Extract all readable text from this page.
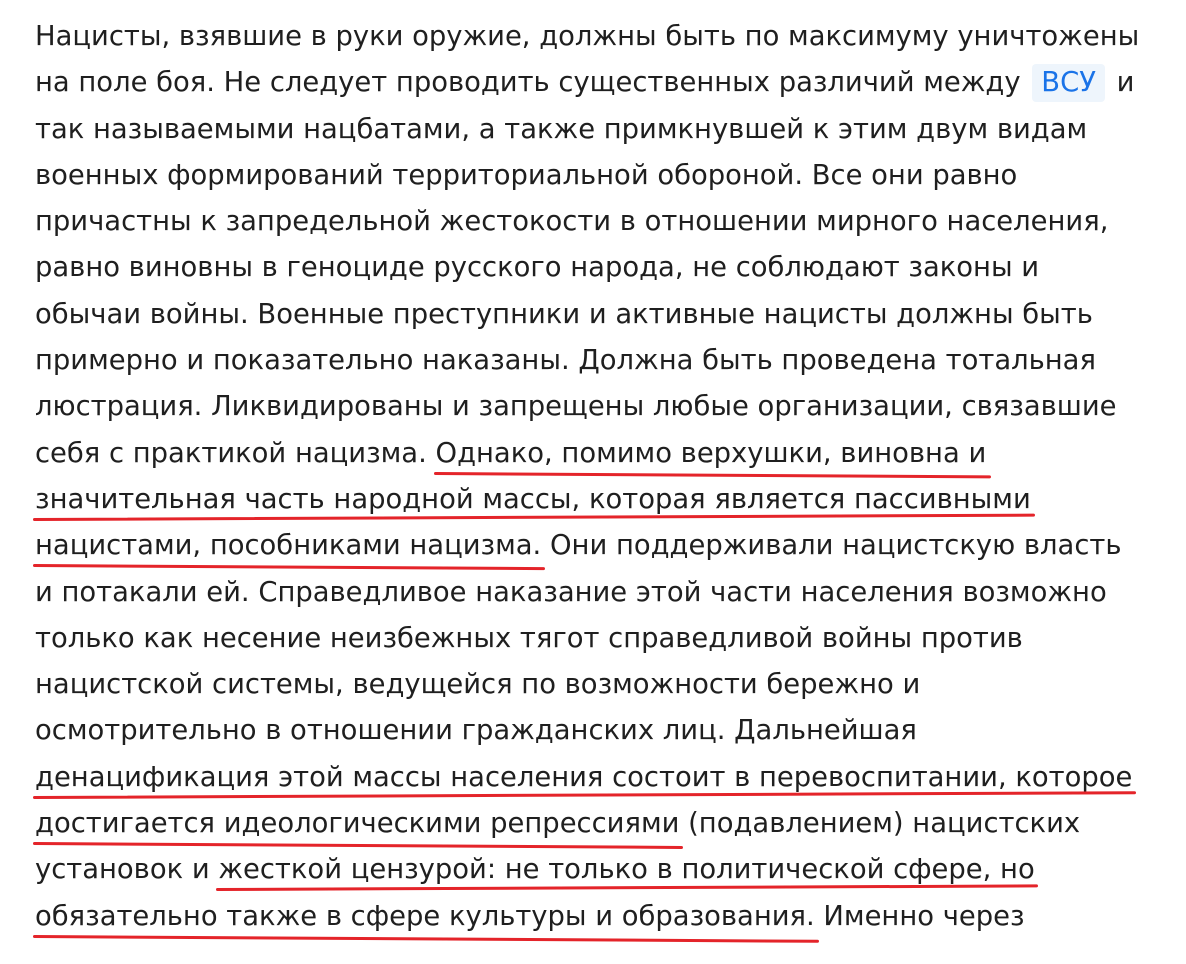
Нацисты, взявшие в руки оружие, должны быть по максимуму уничтожены
на поле боя. Не следует проводить существенных различий между ВСУ и
так называемыми нацбатами, а также примкнувшей к этим двум видам
военных формирований территориальной обороной. Все они равно
причастны к запредельной жестокости в отношении мирного населения,
равно виновны в геноциде русского народа, не соблюдают законы и
обычаи войны. Военные преступники и активные нацисты должны быть
примерно и показательно наказаны. Должна быть проведена тотальная
люстрация. Ликвидированы и запрещены любые организации, связавшие
себя с практикой нацизма. Однако, помимо верхушки, виновна и
значительная часть народной массы, которая является пассивными
нацистами, пособниками нацизма. Они поддерживали нацистскую власть
и потакали ей. Справедливое наказание этой части населения возможно
только как несение неизбежных тягот справедливой войны против
нацистской системы, ведущейся по возможности бережно и
осмотрительно в отношении гражданских лиц. Дальнейшая
денацификация этой массы населения состоит в перевоспитании, которое
достигается идеологическими репрессиями (подавлением) нацистских
установок и жесткой цензурой: не только в политической сфере, но
обязательно также в сфере культуры и образования. Именно через
